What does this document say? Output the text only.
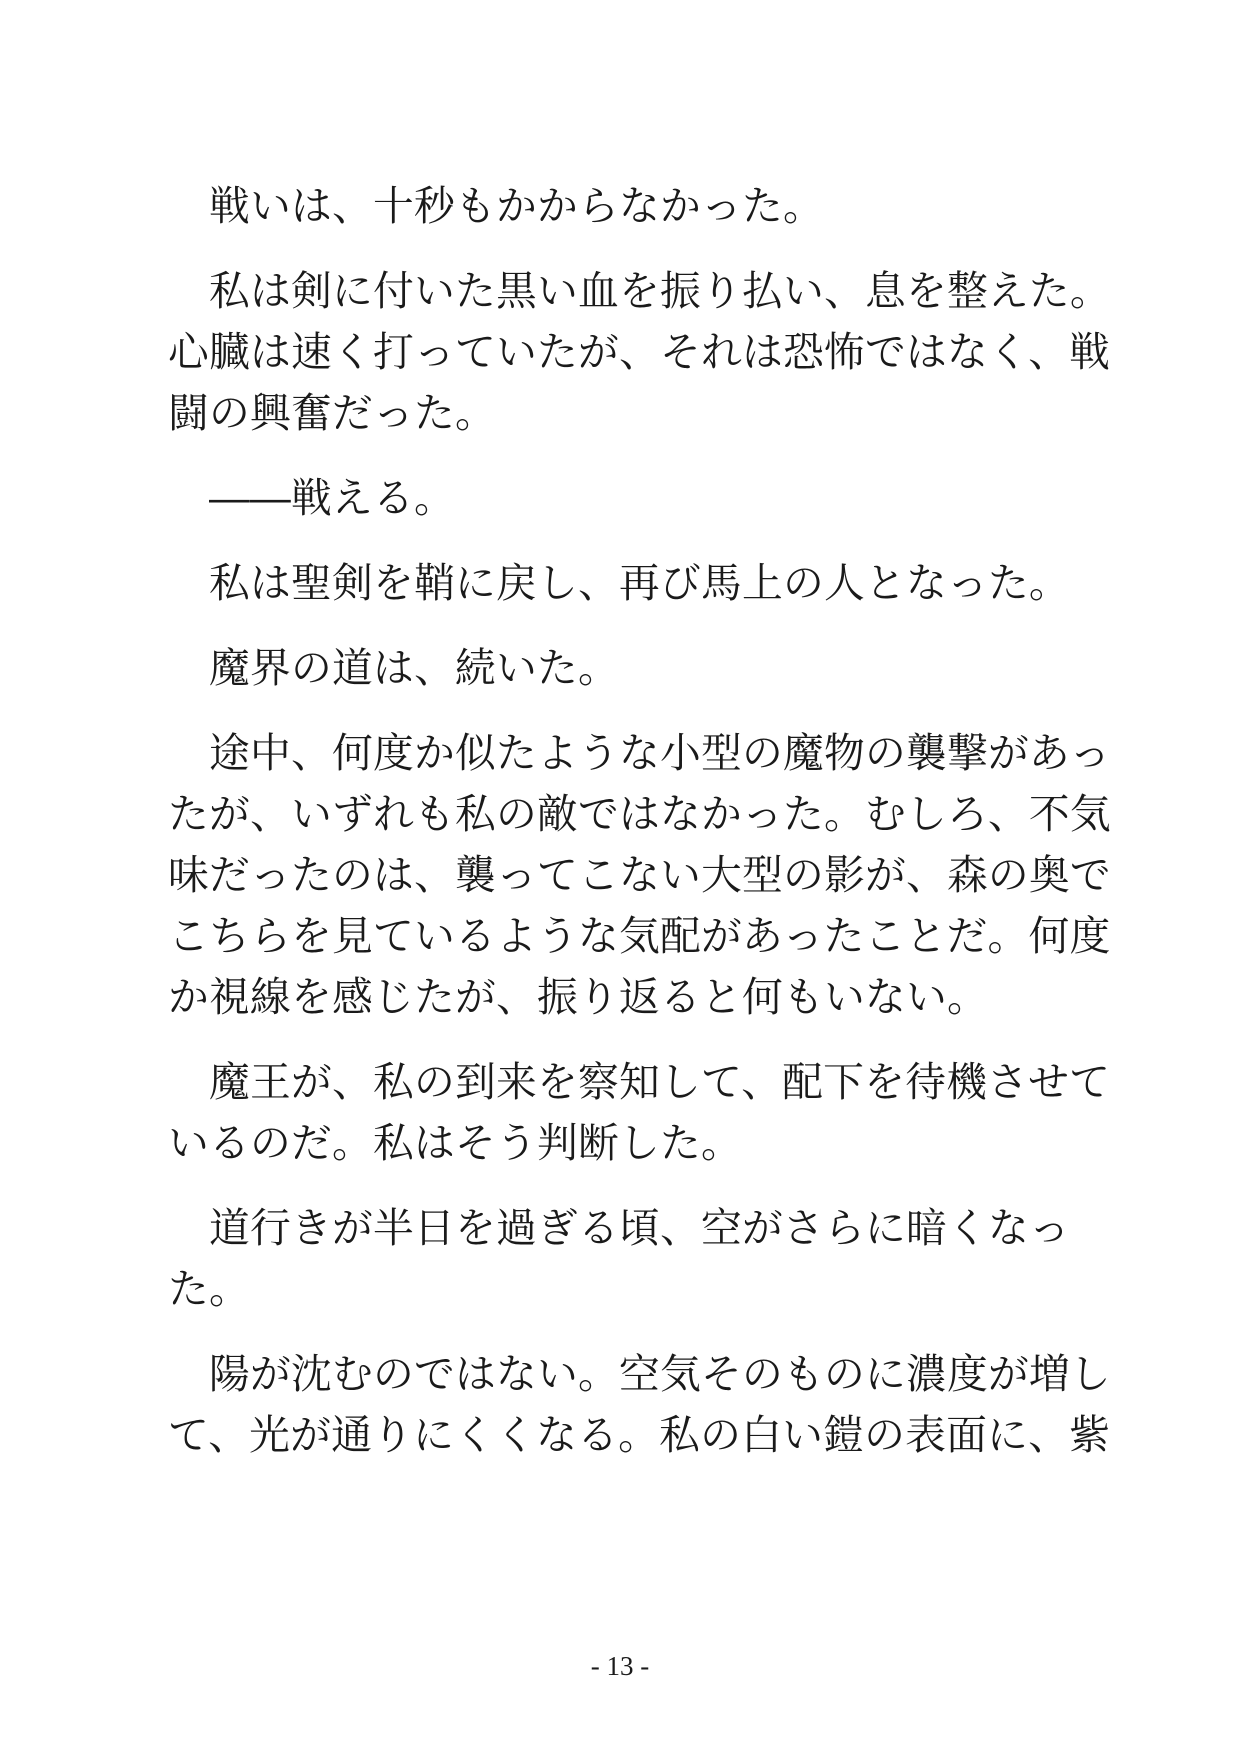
戦いは、十秒もかからなかった。

私は剣に付いた黒い血を振り払い、息を整えた。
心臓は速く打っていたが、それは恐怖ではなく、戦
闘の興奮だった。

――戦える。

私は聖剣を鞘に戻し、再び馬上の人となった。

魔界の道は、続いた。

途中、何度か似たような小型の魔物の襲撃があっ
たが、いずれも私の敵ではなかった。むしろ、不気
味だったのは、襲ってこない大型の影が、森の奥で
こちらを見ているような気配があったことだ。何度
か視線を感じたが、振り返ると何もいない。

魔王が、私の到来を察知して、配下を待機させて
いるのだ。私はそう判断した。

道行きが半日を過ぎる頃、空がさらに暗くなっ
た。

陽が沈むのではない。空気そのものに濃度が増し
て、光が通りにくくなる。私の白い鎧の表面に、紫

- 13 -
